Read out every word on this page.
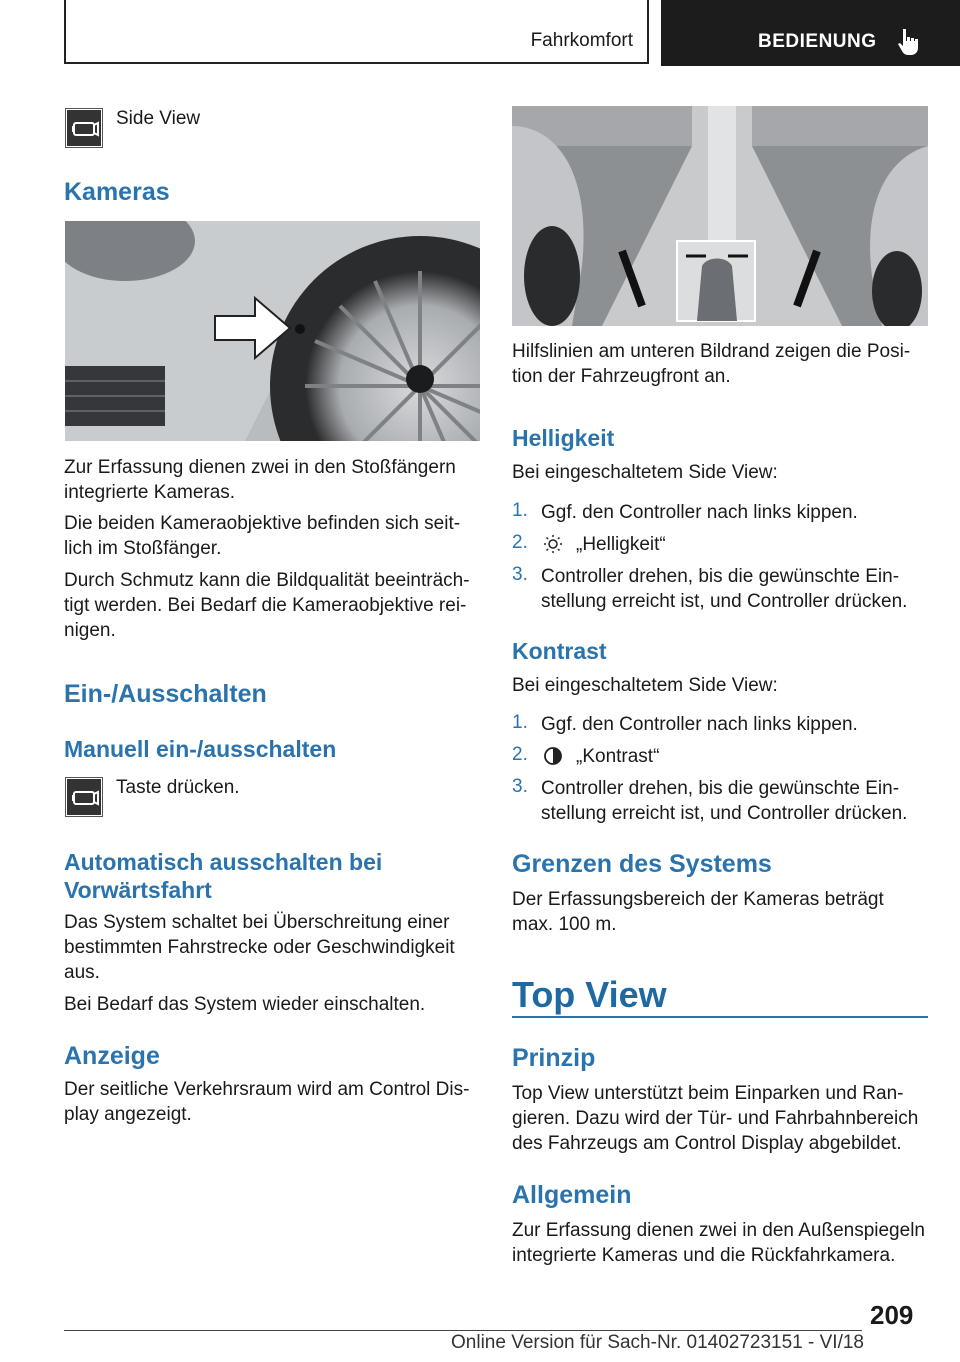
Fahrkomfort	BEDIENUNG
Side View
Kameras
Zur Erfassung dienen zwei in den Stoßfängern
integrierte Kameras.
Die beiden Kameraobjektive befinden sich seit‐
lich im Stoßfänger.
Durch Schmutz kann die Bildqualität beeinträch‐
tigt werden. Bei Bedarf die Kameraobjektive rei‐
nigen.
Ein-/Ausschalten
Manuell ein-/ausschalten
Taste drücken.
Automatisch ausschalten bei
Vorwärtsfahrt
Das System schaltet bei Überschreitung einer
bestimmten Fahrstrecke oder Geschwindigkeit
aus.
Bei Bedarf das System wieder einschalten.
Anzeige
Der seitliche Verkehrsraum wird am Control Dis‐
play angezeigt.
Hilfslinien am unteren Bildrand zeigen die Posi‐
tion der Fahrzeugfront an.
Helligkeit
Bei eingeschaltetem Side View:
1. Ggf. den Controller nach links kippen.
2.	„Helligkeit“
3. Controller drehen, bis die gewünschte Ein‐
stellung erreicht ist, und Controller drücken.
Kontrast
Bei eingeschaltetem Side View:
1. Ggf. den Controller nach links kippen.
2.	„Kontrast“
3. Controller drehen, bis die gewünschte Ein‐
stellung erreicht ist, und Controller drücken.
Grenzen des Systems
Der Erfassungsbereich der Kameras beträgt
max. 100 m.
Top View
Prinzip
Top View unterstützt beim Einparken und Ran‐
gieren. Dazu wird der Tür- und Fahrbahnbereich
des Fahrzeugs am Control Display abgebildet.
Allgemein
Zur Erfassung dienen zwei in den Außenspiegeln
integrierte Kameras und die Rückfahrkamera.
209
Online Version für Sach-Nr. 01402723151 - VI/18
